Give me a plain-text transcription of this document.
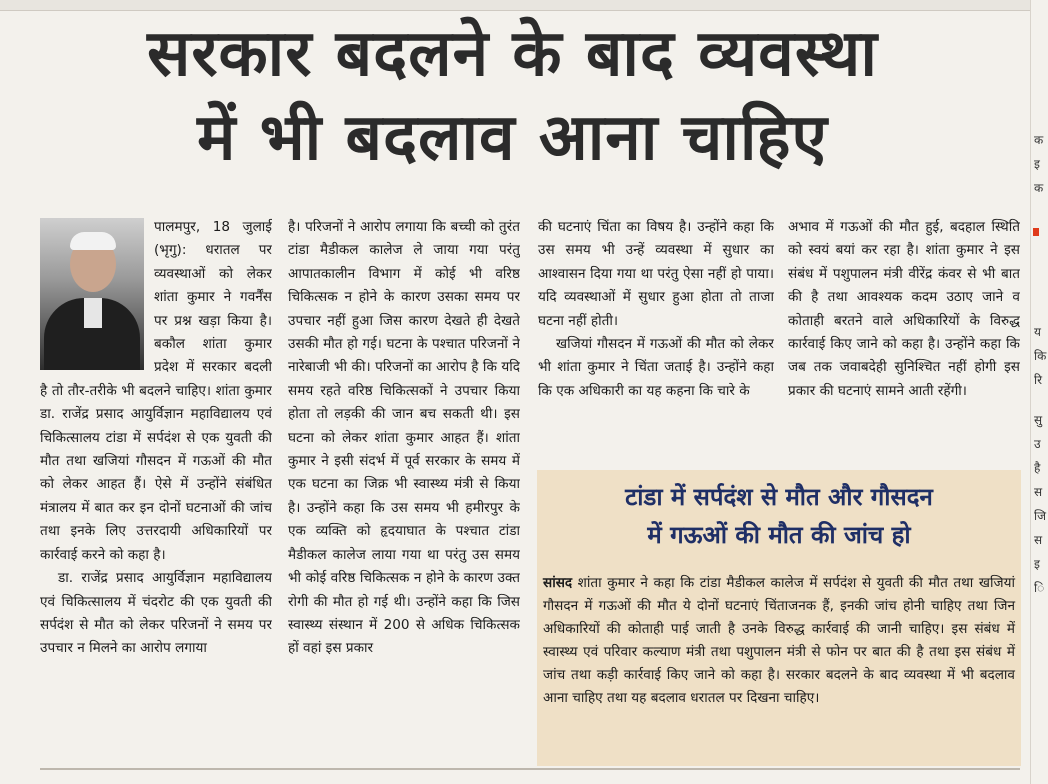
सरकार बदलने के बाद व्यवस्था
में भी बदलाव आना चाहिए

पालमपुर, 18 जुलाई (भृगु): धरातल पर व्यवस्थाओं को लेकर शांता कुमार ने गवर्नैंस पर प्रश्न खड़ा किया है। बकौल शांता कुमार प्रदेश में सरकार बदली है तो तौर-तरीके भी बदलने चाहिए। शांता कुमार डा. राजेंद्र प्रसाद आयुर्विज्ञान महाविद्यालय एवं चिकित्सालय टांडा में सर्पदंश से एक युवती की मौत तथा खजियां गौसदन में गऊओं की मौत को लेकर आहत हैं। ऐसे में उन्होंने संबंधित मंत्रालय में बात कर इन दोनों घटनाओं की जांच तथा इनके लिए उत्तरदायी अधिकारियों पर कार्रवाई करने को कहा है।

डा. राजेंद्र प्रसाद आयुर्विज्ञान महाविद्यालय एवं चिकित्सालय में चंदरोट की एक युवती की सर्पदंश से मौत को लेकर परिजनों ने समय पर उपचार न मिलने का आरोप लगाया

है। परिजनों ने आरोप लगाया कि बच्ची को तुरंत टांडा मैडीकल कालेज ले जाया गया परंतु आपातकालीन विभाग में कोई भी वरिष्ठ चिकित्सक न होने के कारण उसका समय पर उपचार नहीं हुआ जिस कारण देखते ही देखते उसकी मौत हो गई। घटना के पश्चात परिजनों ने नारेबाजी भी की। परिजनों का आरोप है कि यदि समय रहते वरिष्ठ चिकित्सकों ने उपचार किया होता तो लड़की की जान बच सकती थी। इस घटना को लेकर शांता कुमार आहत हैं। शांता कुमार ने इसी संदर्भ में पूर्व सरकार के समय में एक घटना का जिक्र भी स्वास्थ्य मंत्री से किया है। उन्होंने कहा कि उस समय भी हमीरपुर के एक व्यक्ति को हृदयाघात के पश्चात टांडा मैडीकल कालेज लाया गया था परंतु उस समय भी कोई वरिष्ठ चिकित्सक न होने के कारण उक्त रोगी की मौत हो गई थी। उन्होंने कहा कि जिस स्वास्थ्य संस्थान में 200 से अधिक चिकित्सक हों वहां इस प्रकार

की घटनाएं चिंता का विषय है। उन्होंने कहा कि उस समय भी उन्हें व्यवस्था में सुधार का आश्वासन दिया गया था परंतु ऐसा नहीं हो पाया। यदि व्यवस्थाओं में सुधार हुआ होता तो ताजा घटना नहीं होती।

खजियां गौसदन में गऊओं की मौत को लेकर भी शांता कुमार ने चिंता जताई है। उन्होंने कहा कि एक अधिकारी का यह कहना कि चारे के

अभाव में गऊओं की मौत हुई, बदहाल स्थिति को स्वयं बयां कर रहा है। शांता कुमार ने इस संबंध में पशुपालन मंत्री वीरेंद्र कंवर से भी बात की है तथा आवश्यक कदम उठाए जाने व कोताही बरतने वाले अधिकारियों के विरुद्ध कार्रवाई किए जाने को कहा है। उन्होंने कहा कि जब तक जवाबदेही सुनिश्चित नहीं होगी इस प्रकार की घटनाएं सामने आती रहेंगी।

टांडा में सर्पदंश से मौत और गौसदन
में गऊओं की मौत की जांच हो
सांसद शांता कुमार ने कहा कि टांडा मैडीकल कालेज में सर्पदंश से युवती की मौत तथा खजियां गौसदन में गऊओं की मौत ये दोनों घटनाएं चिंताजनक हैं, इनकी जांच होनी चाहिए तथा जिन अधिकारियों की कोताही पाई जाती है उनके विरुद्ध कार्रवाई की जानी चाहिए। इस संबंध में स्वास्थ्य एवं परिवार कल्याण मंत्री तथा पशुपालन मंत्री से फोन पर बात की है तथा इस संबंध में जांच तथा कड़ी कार्रवाई किए जाने को कहा है। सरकार बदलने के बाद व्यवस्था में भी बदलाव आना चाहिए तथा यह बदलाव धरातल पर दिखना चाहिए।
क
इ
क
य
कि
रि
सु
उ
है
स
जि
स
इ
ि
